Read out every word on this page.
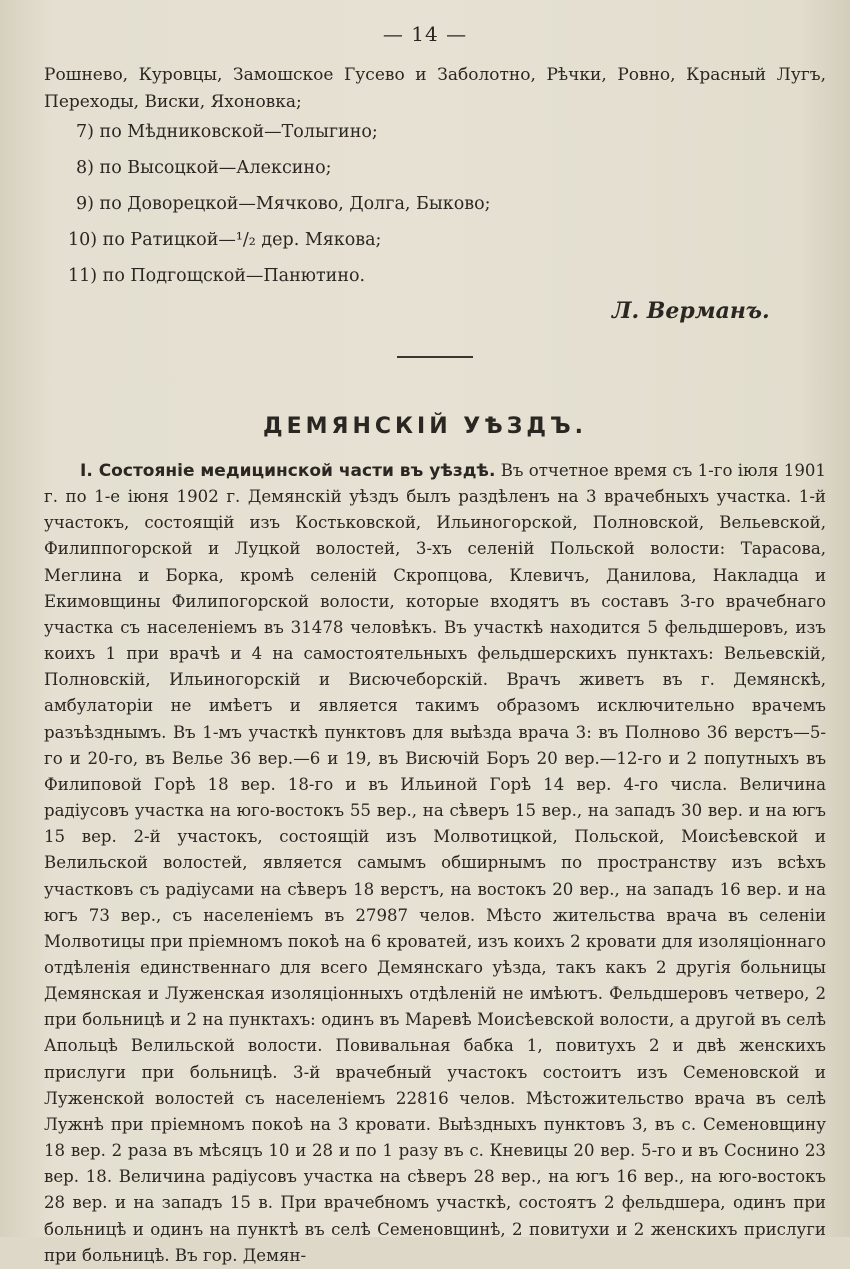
— 14 —
Рошнево, Куровцы, Замошское Гусево и Заболотно, Рѣчки, Ровно, Красный Лугъ, Переходы, Виски, Яхоновка;
7) по Мѣдниковской—Толыгино;
8) по Высоцкой—Алексино;
9) по Доворецкой—Мячково, Долга, Быково;
10) по Ратицкой—¹/₂ дер. Мякова;
11) по Подгощской—Панютино.
Л. Верманъ.
ДЕМЯНСКІЙ УѢЗДЪ.
I. Состояніе медицинской части въ уѣздѣ. Въ отчетное время съ 1-го іюля 1901 г. по 1-е іюня 1902 г. Демянскій уѣздъ былъ раздѣленъ на 3 врачебныхъ участка. 1-й участокъ, состоящій изъ Костьковской, Ильиногорской, Полновской, Вельевской, Филиппогорской и Луцкой волостей, 3-хъ селеній Польской волости: Тарасова, Меглина и Борка, кромѣ селеній Скропцова, Клевичъ, Данилова, Накладца и Екимовщины Филипогорской волости, которые входятъ въ составъ 3-го врачебнаго участка съ населеніемъ въ 31478 человѣкъ. Въ участкѣ находится 5 фельдшеровъ, изъ коихъ 1 при врачѣ и 4 на самостоятельныхъ фельдшерскихъ пунктахъ: Вельевскій, Полновскій, Ильиногорскій и Висючеборскій. Врачъ живетъ въ г. Демянскѣ, амбулаторіи не имѣетъ и является такимъ образомъ исключительно врачемъ разъѣзднымъ. Въ 1-мъ участкѣ пунктовъ для выѣзда врача 3: въ Полново 36 верстъ—5-го и 20-го, въ Велье 36 вер.—6 и 19, въ Висючій Боръ 20 вер.—12-го и 2 попутныхъ въ Филиповой Горѣ 18 вер. 18-го и въ Ильиной Горѣ 14 вер. 4-го числа. Величина радіусовъ участка на юго-востокъ 55 вер., на сѣверъ 15 вер., на западъ 30 вер. и на югъ 15 вер. 2-й участокъ, состоящій изъ Молвотицкой, Польской, Моисѣевской и Велильской волостей, является самымъ обширнымъ по пространству изъ всѣхъ участковъ съ радіусами на сѣверъ 18 верстъ, на востокъ 20 вер., на западъ 16 вер. и на югъ 73 вер., съ населеніемъ въ 27987 челов. Мѣсто жительства врача въ селеніи Молвотицы при пріемномъ покоѣ на 6 кроватей, изъ коихъ 2 кровати для изоляціоннаго отдѣленія единственнаго для всего Демянскаго уѣзда, такъ какъ 2 другія больницы Демянская и Луженская изоляціонныхъ отдѣленій не имѣютъ. Фельдшеровъ четверо, 2 при больницѣ и 2 на пунктахъ: одинъ въ Маревѣ Моисѣевской волости, а другой въ селѣ Апольцѣ Велильской волости. Повивальная бабка 1, повитухъ 2 и двѣ женскихъ прислуги при больницѣ. 3-й врачебный участокъ состоитъ изъ Семеновской и Луженской волостей съ населеніемъ 22816 челов. Мѣстожительство врача въ селѣ Лужнѣ при пріемномъ покоѣ на 3 кровати. Выѣздныхъ пунктовъ 3, въ с. Семеновщину 18 вер. 2 раза въ мѣсяцъ 10 и 28 и по 1 разу въ с. Кневицы 20 вер. 5-го и въ Соснино 23 вер. 18. Величина радіусовъ участка на сѣверъ 28 вер., на югъ 16 вер., на юго-востокъ 28 вер. и на западъ 15 в. При врачебномъ участкѣ, состоятъ 2 фельдшера, одинъ при больницѣ и одинъ на пунктѣ въ селѣ Семеновщинѣ, 2 повитухи и 2 женскихъ прислуги при больницѣ. Въ гор. Демян-
